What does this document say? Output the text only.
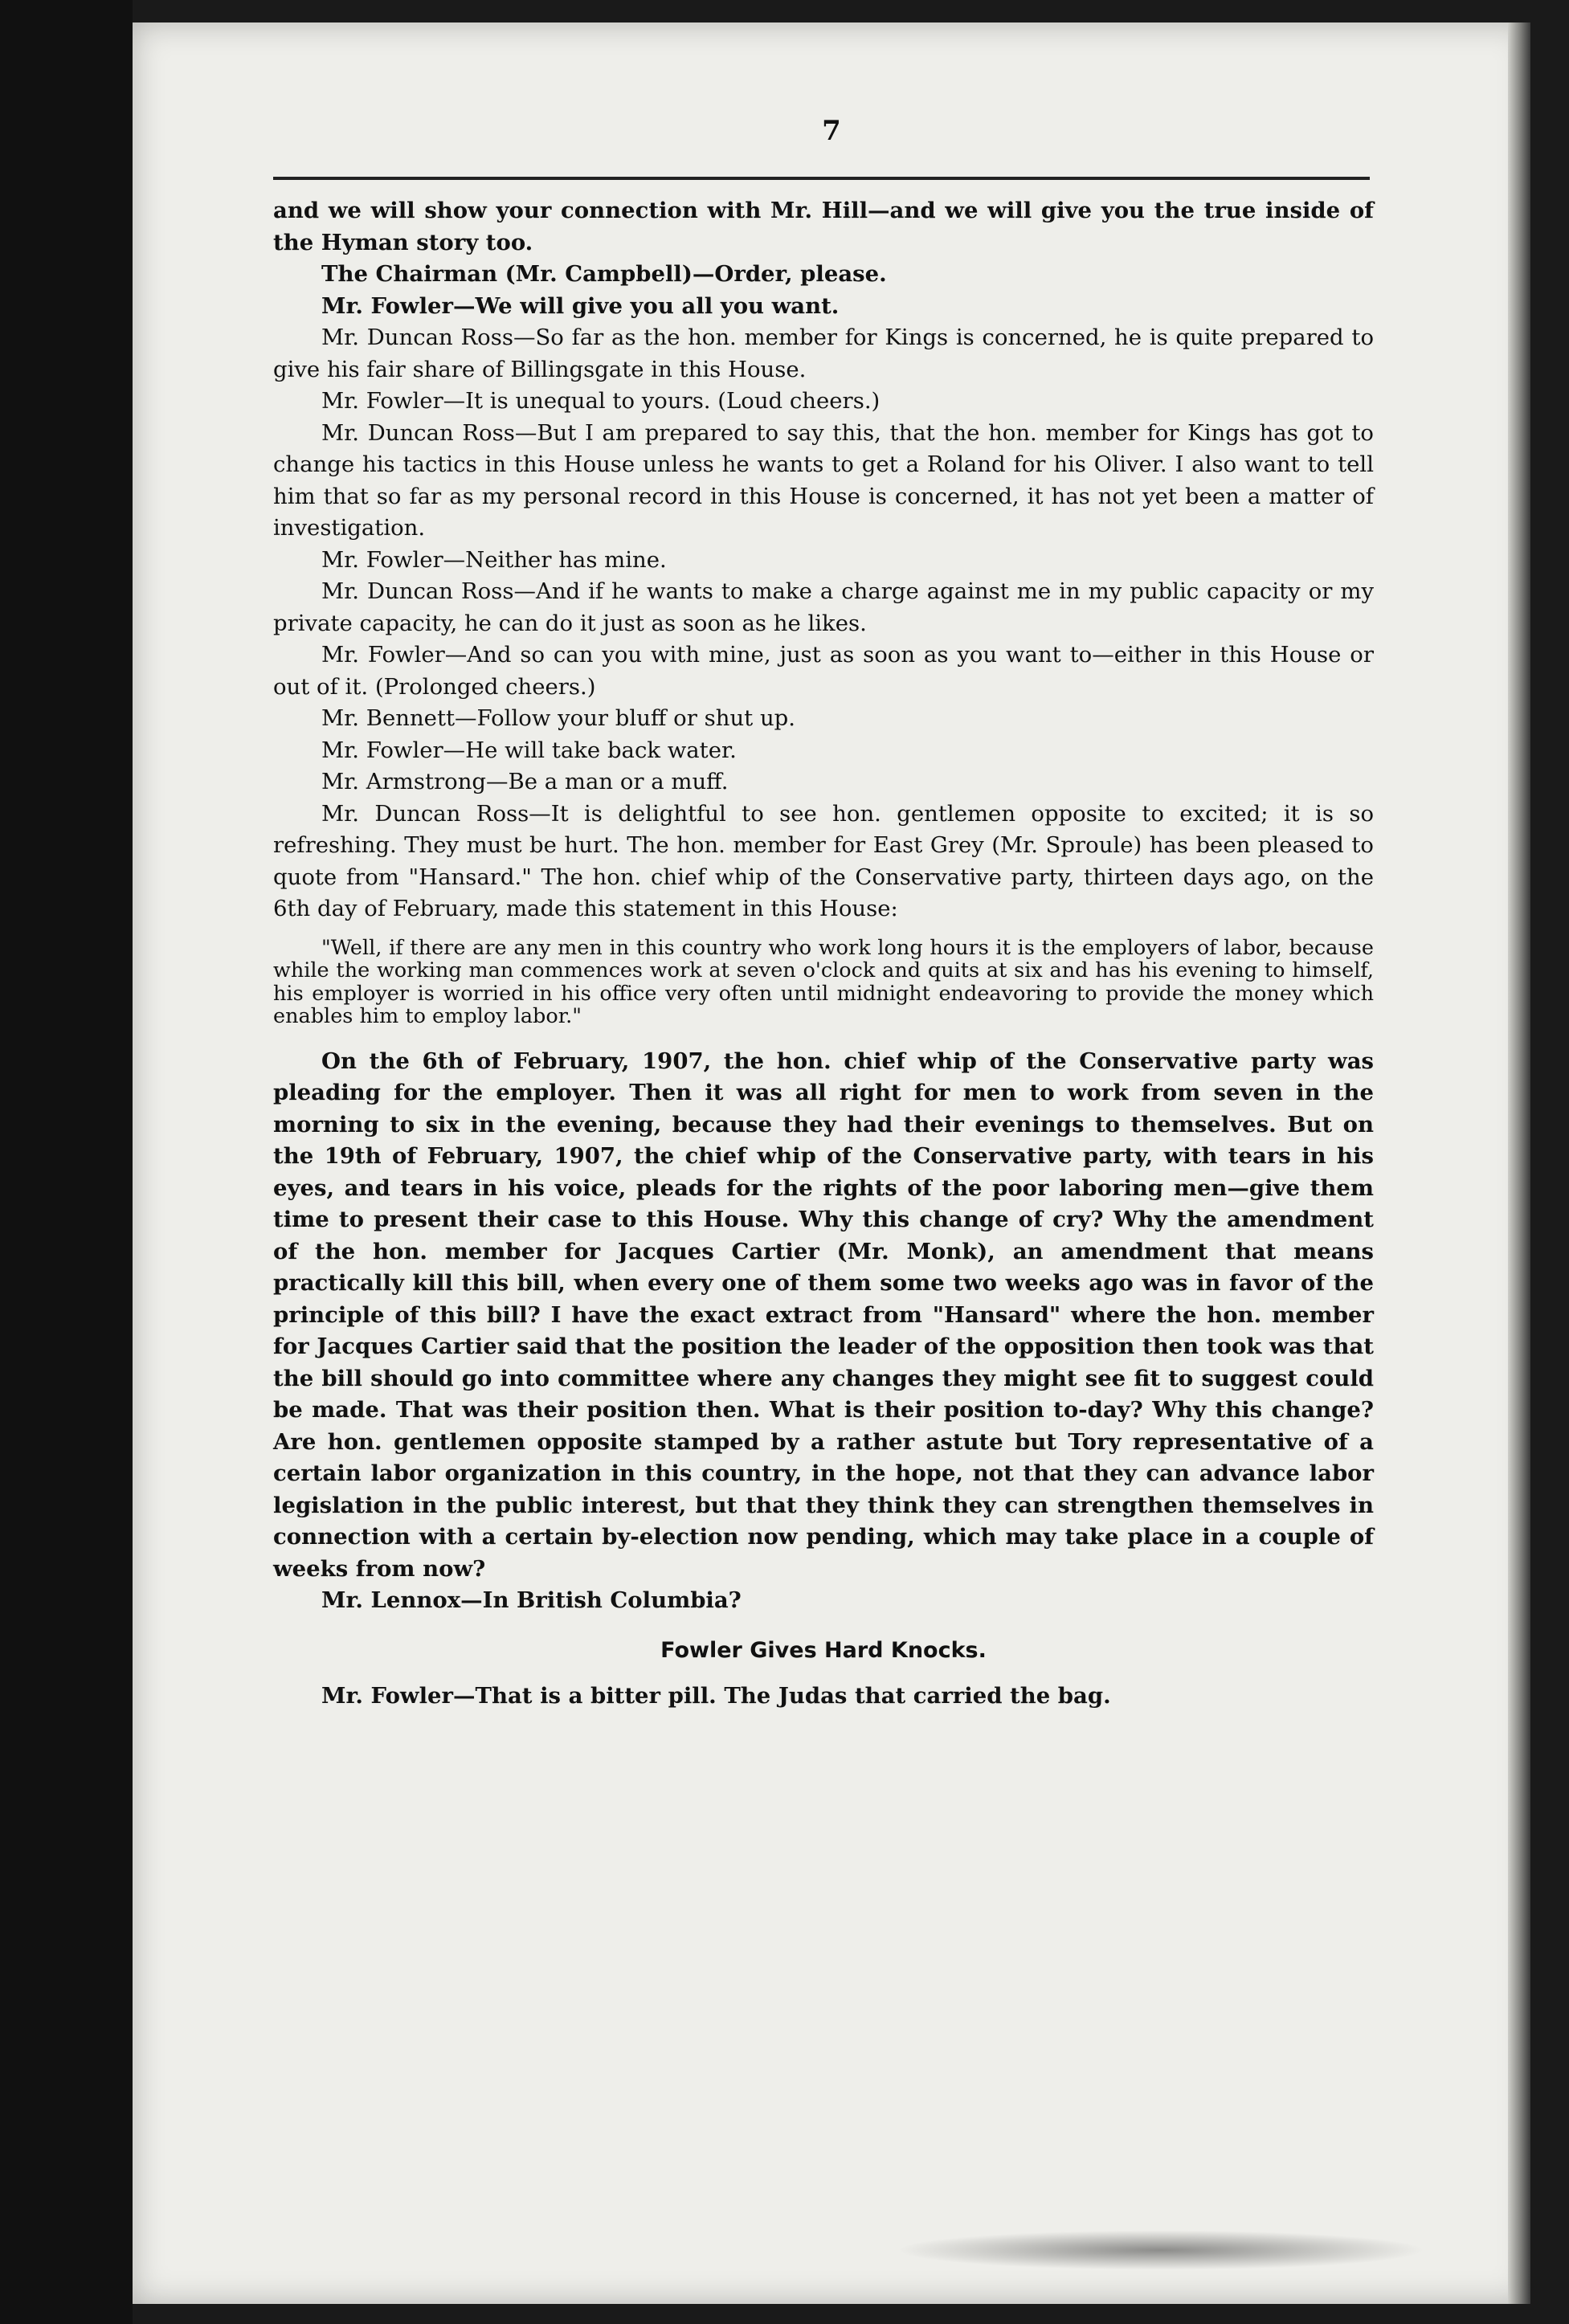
7

and we will show your connection with Mr. Hill—and we will give you the true inside of the Hyman story too.

The Chairman (Mr. Campbell)—Order, please.

Mr. Fowler—We will give you all you want.

Mr. Duncan Ross—So far as the hon. member for Kings is concerned, he is quite prepared to give his fair share of Billingsgate in this House.

Mr. Fowler—It is unequal to yours. (Loud cheers.)

Mr. Duncan Ross—But I am prepared to say this, that the hon. member for Kings has got to change his tactics in this House unless he wants to get a Roland for his Oliver. I also want to tell him that so far as my personal record in this House is concerned, it has not yet been a matter of investigation.

Mr. Fowler—Neither has mine.

Mr. Duncan Ross—And if he wants to make a charge against me in my public capacity or my private capacity, he can do it just as soon as he likes.

Mr. Fowler—And so can you with mine, just as soon as you want to—either in this House or out of it. (Prolonged cheers.)

Mr. Bennett—Follow your bluff or shut up.

Mr. Fowler—He will take back water.

Mr. Armstrong—Be a man or a muff.

Mr. Duncan Ross—It is delightful to see hon. gentlemen opposite to excited; it is so refreshing. They must be hurt. The hon. member for East Grey (Mr. Sproule) has been pleased to quote from "Hansard." The hon. chief whip of the Conservative party, thirteen days ago, on the 6th day of February, made this statement in this House:

"Well, if there are any men in this country who work long hours it is the employers of labor, because while the working man commences work at seven o'clock and quits at six and has his evening to himself, his employer is worried in his office very often until midnight endeavoring to provide the money which enables him to employ labor."

On the 6th of February, 1907, the hon. chief whip of the Conservative party was pleading for the employer. Then it was all right for men to work from seven in the morning to six in the evening, because they had their evenings to themselves. But on the 19th of February, 1907, the chief whip of the Conservative party, with tears in his eyes, and tears in his voice, pleads for the rights of the poor laboring men—give them time to present their case to this House. Why this change of cry? Why the amendment of the hon. member for Jacques Cartier (Mr. Monk), an amendment that means practically kill this bill, when every one of them some two weeks ago was in favor of the principle of this bill? I have the exact extract from "Hansard" where the hon. member for Jacques Cartier said that the position the leader of the opposition then took was that the bill should go into committee where any changes they might see fit to suggest could be made. That was their position then. What is their position to-day? Why this change? Are hon. gentlemen opposite stamped by a rather astute but Tory representative of a certain labor organization in this country, in the hope, not that they can advance labor legislation in the public interest, but that they think they can strengthen themselves in connection with a certain by-election now pending, which may take place in a couple of weeks from now?

Mr. Lennox—In British Columbia?

Fowler Gives Hard Knocks.

Mr. Fowler—That is a bitter pill. The Judas that carried the bag.
